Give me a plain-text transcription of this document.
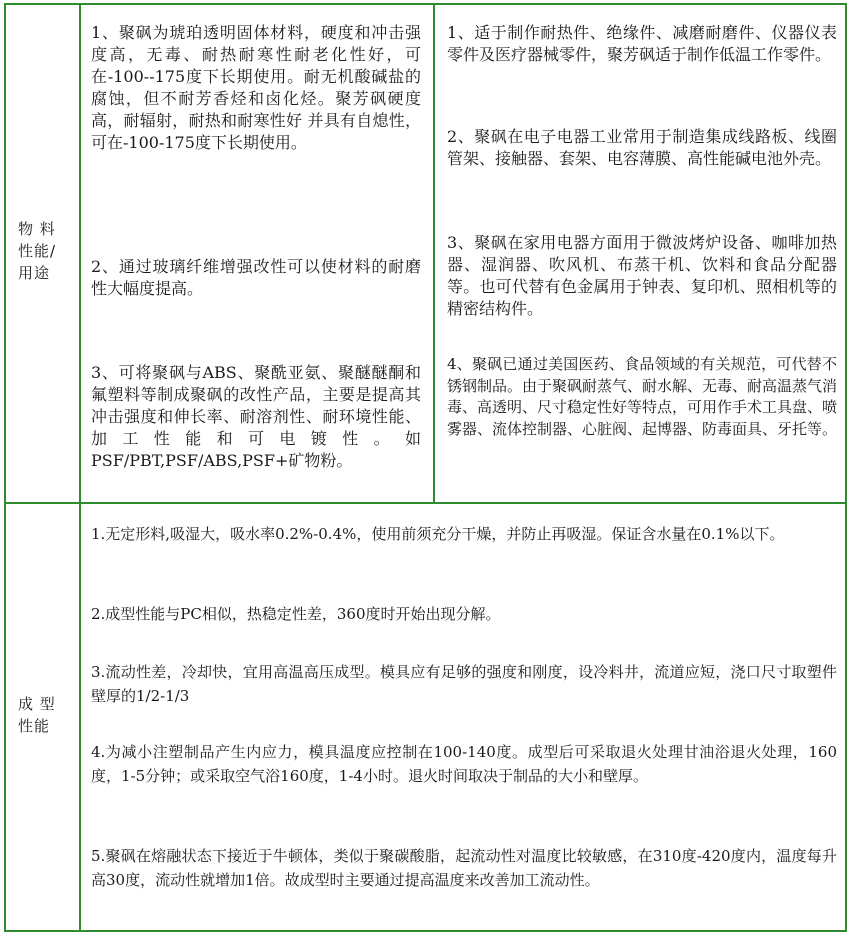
物 料
性能/
用途

1、聚砜为琥珀透明固体材料，硬度和冲击强度高，无毒、耐热耐寒性耐老化性好，可在-100--175度下长期使用。耐无机酸碱盐的腐蚀，但不耐芳香烃和卤化烃。聚芳砜硬度高，耐辐射，耐热和耐寒性好 并具有自熄性，可在-100-175度下长期使用。

2、通过玻璃纤维增强改性可以使材料的耐磨性大幅度提高。

3、可将聚砜与ABS、聚酰亚氨、聚醚醚酮和氟塑料等制成聚砜的改性产品，主要是提高其冲击强度和伸长率、耐溶剂性、耐环境性能、加工性能和可电镀性。如PSF/PBT,PSF/ABS,PSF+矿物粉。

1、适于制作耐热件、绝缘件、减磨耐磨件、仪器仪表零件及医疗器械零件，聚芳砜适于制作低温工作零件。

2、聚砜在电子电器工业常用于制造集成线路板、线圈管架、接触器、套架、电容薄膜、高性能碱电池外壳。

3、聚砜在家用电器方面用于微波烤炉设备、咖啡加热器、湿润器、吹风机、布蒸干机、饮料和食品分配器等。也可代替有色金属用于钟表、复印机、照相机等的精密结构件。

4、聚砜已通过美国医药、食品领域的有关规范，可代替不锈钢制品。由于聚砜耐蒸气、耐水解、无毒、耐高温蒸气消毒、高透明、尺寸稳定性好等特点，可用作手术工具盘、喷雾器、流体控制器、心脏阀、起博器、防毒面具、牙托等。

成 型
性能

1.无定形料,吸湿大，吸水率0.2%-0.4%，使用前须充分干燥，并防止再吸湿。保证含水量在0.1%以下。

2.成型性能与PC相似，热稳定性差，360度时开始出现分解。

3.流动性差，冷却快，宜用高温高压成型。模具应有足够的强度和刚度，设冷料井，流道应短，浇口尺寸取塑件壁厚的1/2-1/3

4.为减小注塑制品产生内应力，模具温度应控制在100-140度。成型后可采取退火处理甘油浴退火处理，160度，1-5分钟；或采取空气浴160度，1-4小时。退火时间取决于制品的大小和壁厚。

5.聚砜在熔融状态下接近于牛顿体，类似于聚碳酸脂，起流动性对温度比较敏感，在310度-420度内，温度每升高30度，流动性就增加1倍。故成型时主要通过提高温度来改善加工流动性。
